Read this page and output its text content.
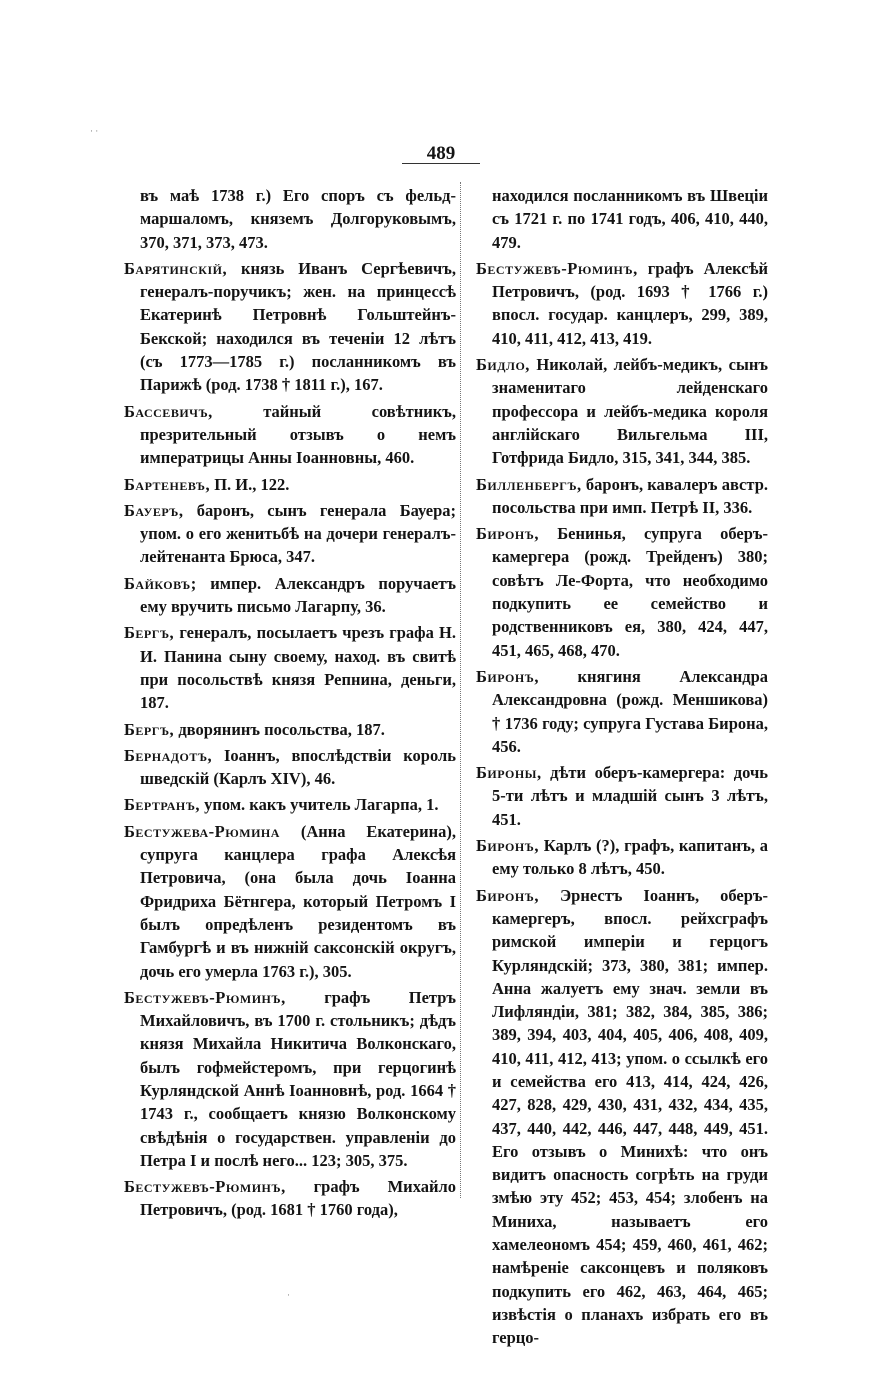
· ·
489

въ маѣ 1738 г.) Его споръ съ фельд-маршаломъ, княземъ Долгоруковымъ, 370, 371, 373, 473.

Барятинскій, князь Иванъ Сергѣевичъ, генералъ-поручикъ; жен. на принцессѣ Екатеринѣ Петровнѣ Гольштейнъ-Бекской; находился въ теченіи 12 лѣтъ (съ 1773—1785 г.) посланникомъ въ Парижѣ (род. 1738 † 1811 г.), 167.

Бассевичъ, тайный совѣтникъ, презрительный отзывъ о немъ императрицы Анны Іоанновны, 460.

Бартеневъ, П. И., 122.

Бауеръ, баронъ, сынъ генерала Бауера; упом. о его женитьбѣ на дочери генералъ-лейтенанта Брюса, 347.

Байковъ; импер. Александръ поручаетъ ему вручить письмо Лагарпу, 36.

Бергъ, генералъ, посылаетъ чрезъ графа Н. И. Панина сыну своему, наход. въ свитѣ при посольствѣ князя Репнина, деньги, 187.

Бергъ, дворянинъ посольства, 187.

Бернадотъ, Іоаннъ, впослѣдствіи король шведскій (Карлъ XIV), 46.

Бертранъ, упом. какъ учитель Лагарпа, 1.

Бестужева-Рюмина (Анна Екатерина), супруга канцлера графа Алексѣя Петровича, (она была дочь Іоанна Фридриха Бётнгера, который Петромъ I былъ опредѣленъ резидентомъ въ Гамбургѣ и въ нижній саксонскій округъ, дочь его умерла 1763 г.), 305.

Бестужевъ-Рюминъ, графъ Петръ Михайловичъ, въ 1700 г. стольникъ; дѣдъ князя Михайла Никитича Волконскаго, былъ гофмейстеромъ, при герцогинѣ Курляндской Аннѣ Іоанновнѣ, род. 1664 † 1743 г., сообщаетъ князю Волконскому свѣдѣнія о государствен. управленіи до Петра I и послѣ него... 123; 305, 375.

Бестужевъ-Рюминъ, графъ Михайло Петровичъ, (род. 1681 † 1760 года),

находился посланникомъ въ Швеціи съ 1721 г. по 1741 годъ, 406, 410, 440, 479.

Бестужевъ-Рюминъ, графъ Алексѣй Петровичъ, (род. 1693 † 1766 г.) впосл. государ. канцлеръ, 299, 389, 410, 411, 412, 413, 419.

Бидло, Николай, лейбъ-медикъ, сынъ знаменитаго лейденскаго профессора и лейбъ-медика короля англійскаго Вильгельма III, Готфрида Бидло, 315, 341, 344, 385.

Билленбергъ, баронъ, кавалеръ австр. посольства при имп. Петрѣ II, 336.

Биронъ, Бенинья, супруга оберъ-камергера (рожд. Трейденъ) 380; совѣтъ Ле-Форта, что необходимо подкупить ее семейство и родственниковъ ея, 380, 424, 447, 451, 465, 468, 470.

Биронъ, княгиня Александра Александровна (рожд. Меншикова) † 1736 году; супруга Густава Бирона, 456.

Бироны, дѣти оберъ-камергера: дочь 5-ти лѣтъ и младшій сынъ 3 лѣтъ, 451.

Биронъ, Карлъ (?), графъ, капитанъ, а ему только 8 лѣтъ, 450.

Биронъ, Эрнестъ Іоаннъ, оберъ-камергеръ, впосл. рейхсграфъ римской имперіи и герцогъ Курляндскій; 373, 380, 381; импер. Анна жалуетъ ему знач. земли въ Лифляндіи, 381; 382, 384, 385, 386; 389, 394, 403, 404, 405, 406, 408, 409, 410, 411, 412, 413; упом. о ссылкѣ его и семейства его 413, 414, 424, 426, 427, 828, 429, 430, 431, 432, 434, 435, 437, 440, 442, 446, 447, 448, 449, 451. Его отзывъ о Минихѣ: что онъ видитъ опасность согрѣть на груди змѣю эту 452; 453, 454; злобенъ на Миниха, называетъ его хамелеономъ 454; 459, 460, 461, 462; намѣреніе саксонцевъ и поляковъ подкупить его 462, 463, 464, 465; извѣстія о планахъ избрать его въ герцо-

·
